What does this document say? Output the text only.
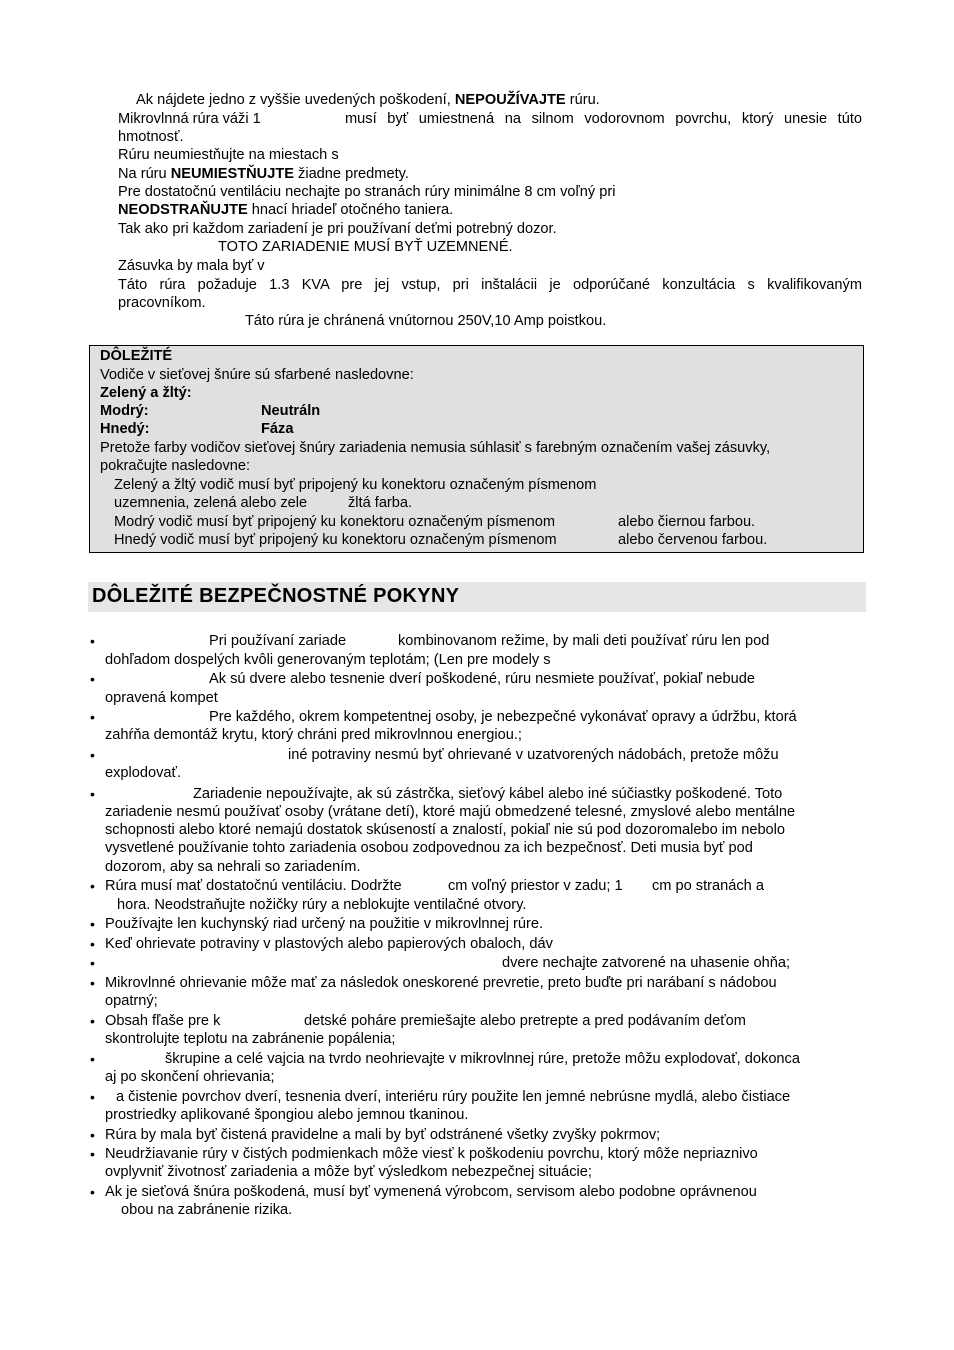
Ak nájdete jedno z vyššie uvedených poškodení, NEPOUŽÍVAJTE rúru.
Mikrovlnná rúra váži 1	musí byť umiestnená na silnom vodorovnom povrchu, ktorý unesie túto
hmotnosť.
Rúru neumiestňujte na miestach s
Na rúru NEUMIESTŇUJTE žiadne predmety.
Pre dostatočnú ventiláciu nechajte po stranách rúry minimálne 8 cm voľný pri
NEODSTRAŇUJTE hnací hriadeľ otočného taniera.
Tak ako pri každom zariadení je pri používaní deťmi potrebný dozor.
TOTO ZARIADENIE MUSÍ BYŤ UZEMNENÉ.
Zásuvka by mala byť v
Táto rúra požaduje 1.3 KVA pre jej vstup, pri inštalácii je odporúčané konzultácia s kvalifikovaným
pracovníkom.
Táto rúra je chránená vnútornou 250V,10 Amp poistkou.
DÔLEŽITÉ
Vodiče v sieťovej šnúre sú sfarbené nasledovne:
Zelený a žltý:
Modrý:	Neutráln
Hnedý:	Fáza
Pretože farby vodičov sieťovej šnúry zariadenia nemusia súhlasiť s farebným označením vašej zásuvky,
pokračujte nasledovne:
Zelený a žltý vodič musí byť pripojený ku konektoru označeným písmenom
uzemnenia, zelená alebo zele	žltá farba.
Modrý vodič musí byť pripojený ku konektoru označeným písmenom	alebo čiernou farbou.
Hnedý vodič musí byť pripojený ku konektoru označeným písmenom	alebo červenou farbou.
DÔLEŽITÉ BEZPEČNOSTNÉ POKYNY
•	Pri používaní zariade	kombinovanom režime, by mali deti používať rúru len pod
dohľadom dospelých kvôli generovaným teplotám; (Len pre modely s
•	Ak sú dvere alebo tesnenie dverí poškodené, rúru nesmiete používať, pokiaľ nebude
opravená kompet
•	Pre každého, okrem kompetentnej osoby, je nebezpečné vykonávať opravy a údržbu, ktorá
zahŕňa demontáž krytu, ktorý chráni pred mikrovlnnou energiou.;
•	iné potraviny nesmú byť ohrievané v uzatvorených nádobách, pretože môžu
explodovať.
•	Zariadenie nepoužívajte, ak sú zástrčka, sieťový kábel alebo iné súčiastky poškodené. Toto
zariadenie nesmú používať osoby (vrátane detí), ktoré majú obmedzené telesné, zmyslové alebo mentálne
schopnosti alebo ktoré nemajú dostatok skúseností a znalostí, pokiaľ nie sú pod dozoromalebo im nebolo
vysvetlené používanie tohto zariadenia osobou zodpovednou za ich bezpečnosť. Deti musia byť pod
dozorom, aby sa nehrali so zariadením.
• Rúra musí mať dostatočnú ventiláciu. Dodržte	cm voľný priestor v zadu; 1 cm po stranách a
hora. Neodstraňujte nožičky rúry a neblokujte ventilačné otvory.
• Používajte len kuchynský riad určený na použitie v mikrovlnnej rúre.
• Keď ohrievate potraviny v plastových alebo papierových obaloch, dáv
•	dvere nechajte zatvorené na uhasenie ohňa;
• Mikrovlnné ohrievanie môže mať za následok oneskorené prevretie, preto buďte pri narábaní s nádobou
opatrný;
• Obsah fľaše pre k	detské poháre premiešajte alebo pretrepte a pred podávaním deťom
skontrolujte teplotu na zabránenie popálenia;
•	škrupine a celé vajcia na tvrdo neohrievajte v mikrovlnnej rúre, pretože môžu explodovať, dokonca
aj po skončení ohrievania;
• a čistenie povrchov dverí, tesnenia dverí, interiéru rúry použite len jemné nebrúsne mydlá, alebo čistiace
prostriedky aplikované špongiou alebo jemnou tkaninou.
• Rúra by mala byť čistená pravidelne a mali by byť odstránené všetky zvyšky pokrmov;
• Neudržiavanie rúry v čistých podmienkach môže viesť k poškodeniu povrchu, ktorý môže nepriaznivo
ovplyvniť životnosť zariadenia a môže byť výsledkom nebezpečnej situácie;
• Ak je sieťová šnúra poškodená, musí byť vymenená výrobcom, servisom alebo podobne oprávnenou
obou na zabránenie rizika.
